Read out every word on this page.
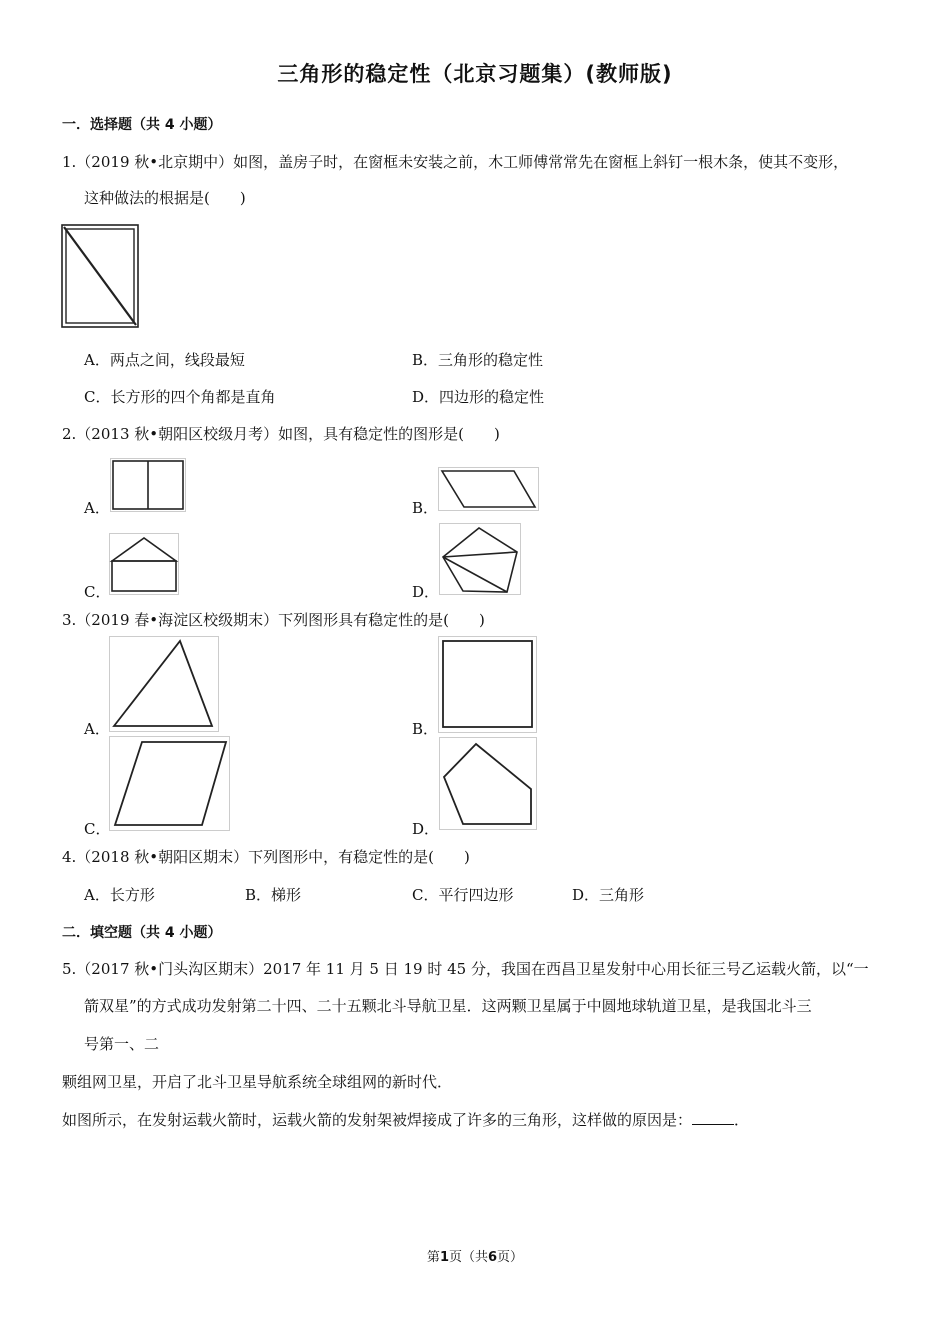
三角形的稳定性（北京习题集）(教师版)
一．选择题（共 4 小题）
1.（2019 秋•北京期中）如图，盖房子时，在窗框未安装之前，木工师傅常常先在窗框上斜钉一根木条，使其不变形，
这种做法的根据是(　　)
A．两点之间，线段最短	B．三角形的稳定性
C．长方形的四个角都是直角	D．四边形的稳定性
2.（2013 秋•朝阳区校级月考）如图，具有稳定性的图形是(　　)
A．	B．
C．	D．
3.（2019 春•海淀区校级期末）下列图形具有稳定性的是(　　)
A．	B．
C．	D．
4.（2018 秋•朝阳区期末）下列图形中，有稳定性的是(　　)
A．长方形	B．梯形	C．平行四边形	D．三角形
二．填空题（共 4 小题）
5.（2017 秋•门头沟区期末）2017 年 11 月 5 日 19 时 45 分，我国在西昌卫星发射中心用长征三号乙运载火箭，以“一
箭双星”的方式成功发射第二十四、二十五颗北斗导航卫星．这两颗卫星属于中圆地球轨道卫星，是我国北斗三
号第一、二
颗组网卫星，开启了北斗卫星导航系统全球组网的新时代．
如图所示，在发射运载火箭时，运载火箭的发射架被焊接成了许多的三角形，这样做的原因是：	．
第1页（共6页）
